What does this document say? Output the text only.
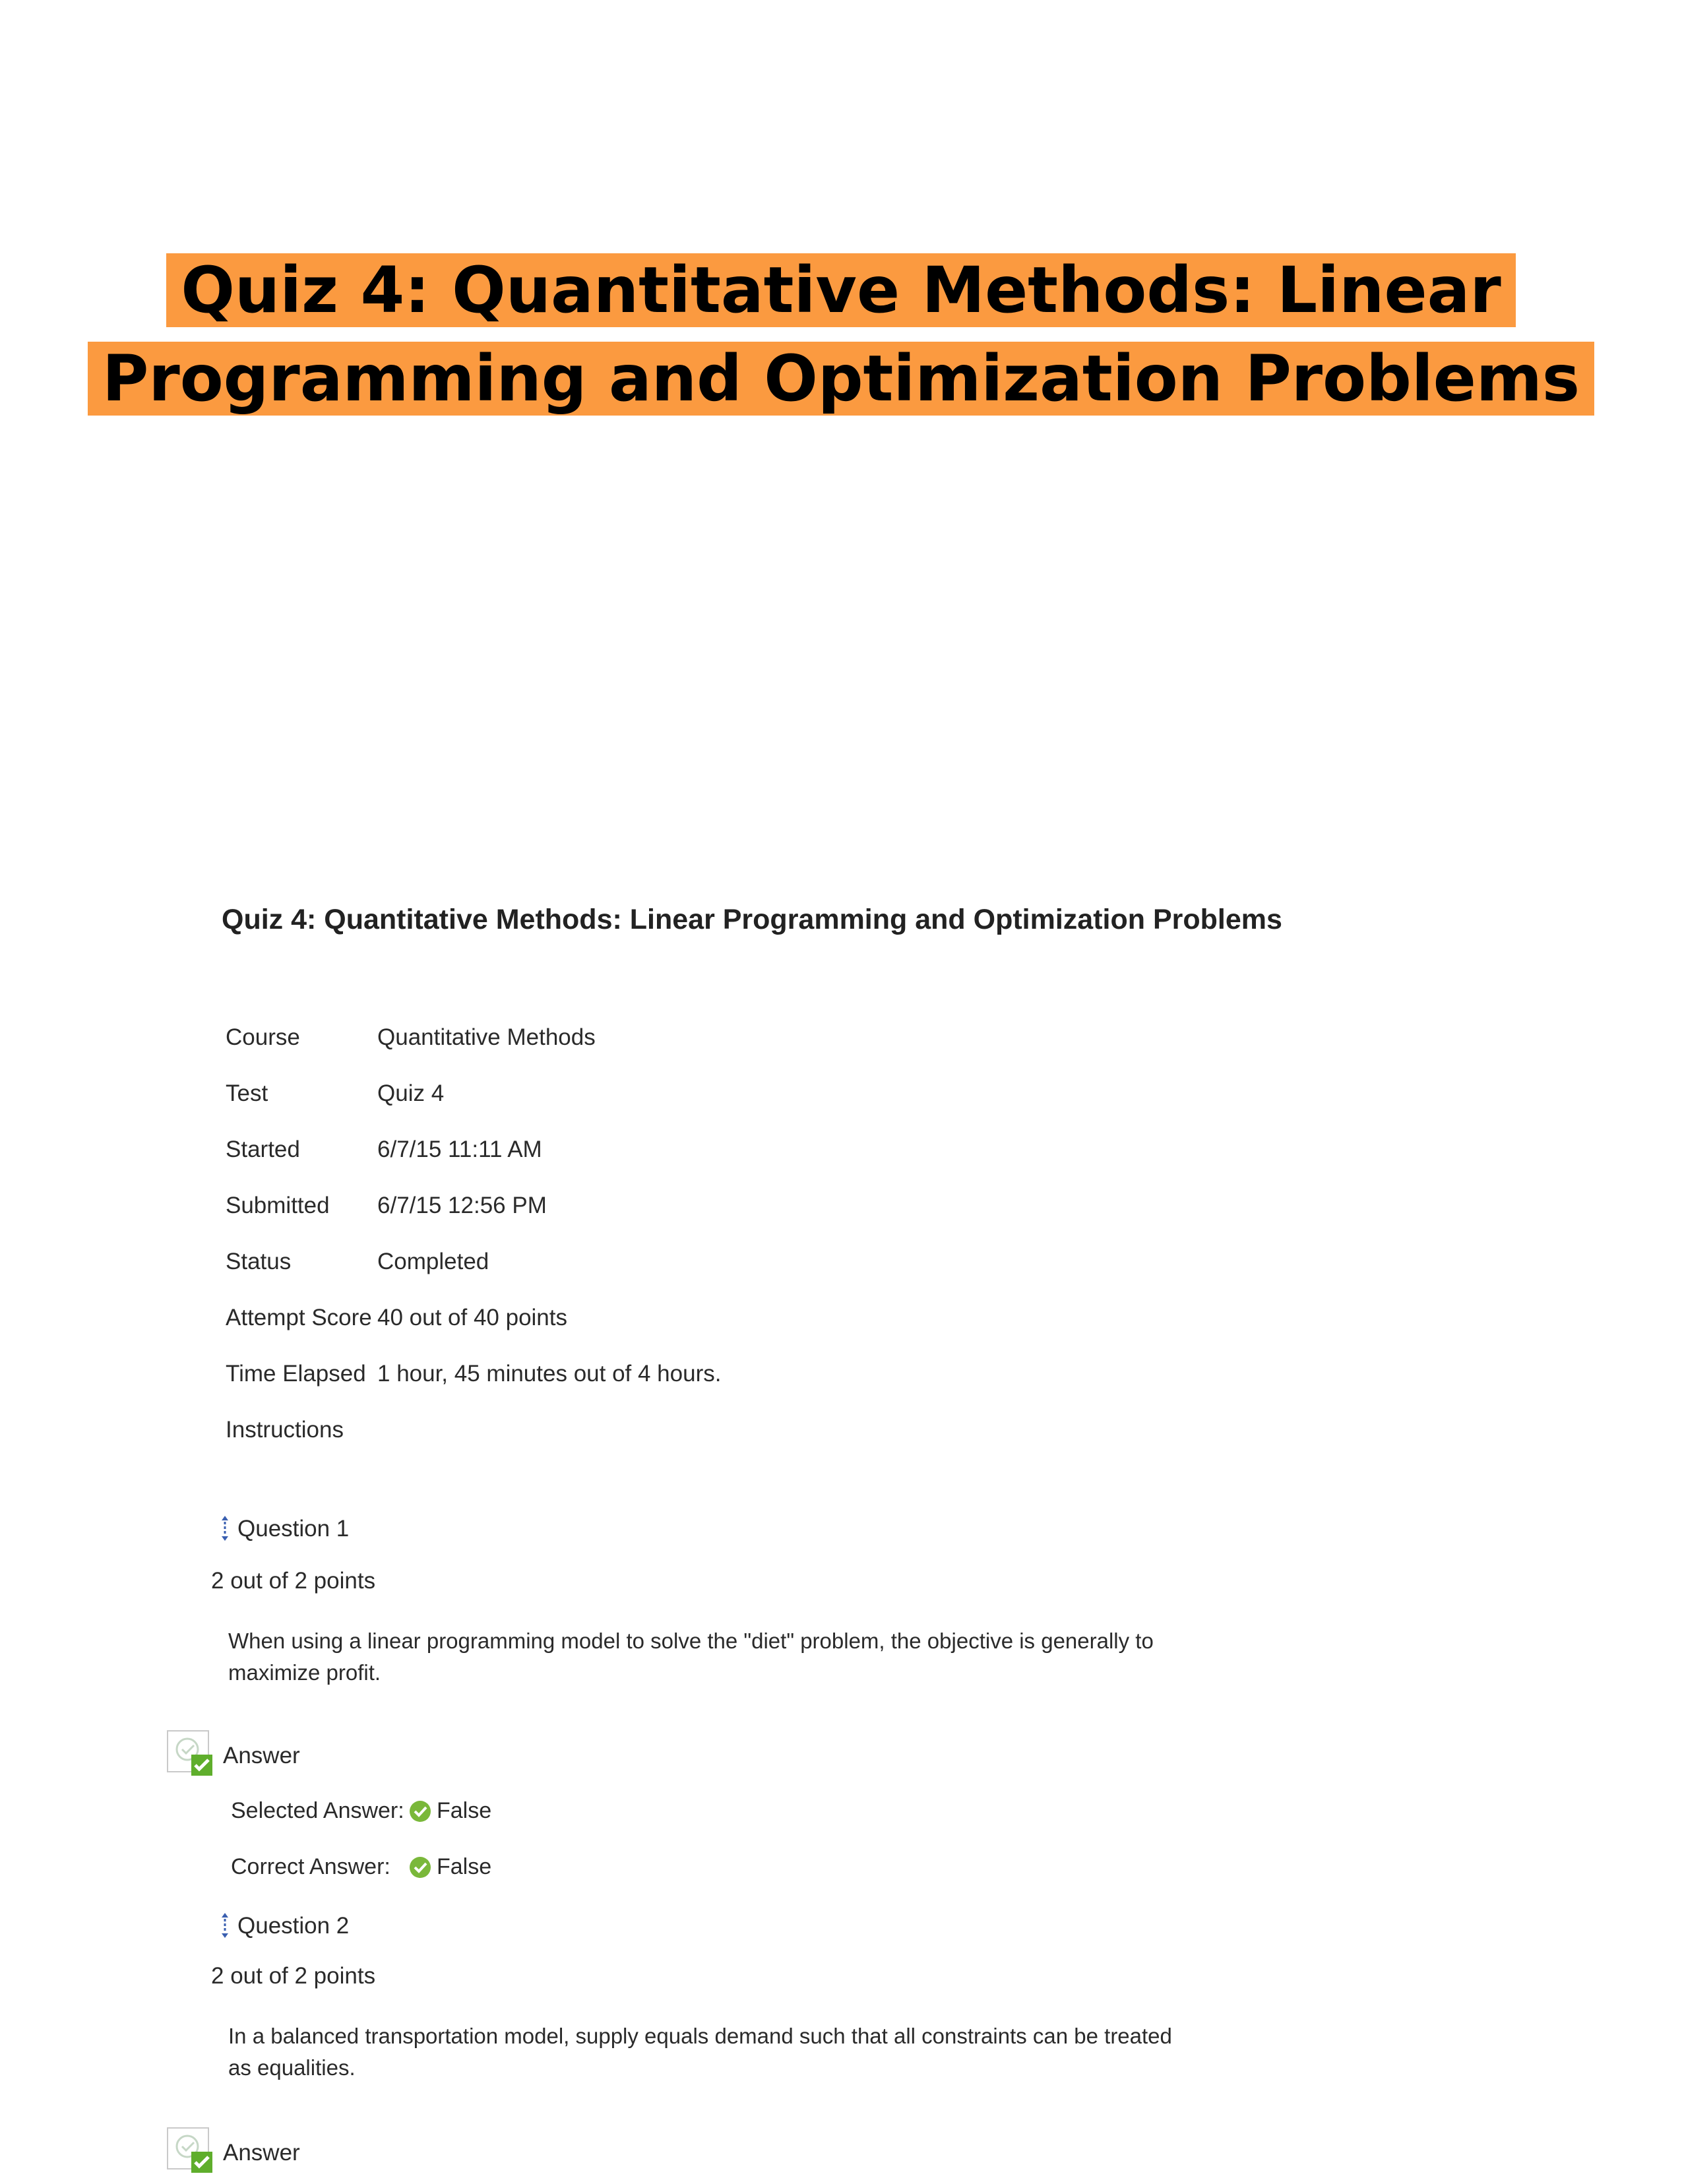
Quiz 4: Quantitative Methods: Linear Programming and Optimization Problems
Quiz 4: Quantitative Methods: Linear Programming and Optimization Problems
Course	Quantitative Methods
Test	Quiz 4
Started	6/7/15 11:11 AM
Submitted	6/7/15 12:56 PM
Status	Completed
Attempt Score	40 out of 40 points
Time Elapsed	1 hour, 45 minutes out of 4 hours.
Instructions	
Question 1
2 out of 2 points
When using a linear programming model to solve the "diet" problem, the objective is generally to maximize profit.
Answer
Selected Answer: False
Correct Answer:	False
Question 2
2 out of 2 points
In a balanced transportation model, supply equals demand such that all constraints can be treated as equalities.
Answer
